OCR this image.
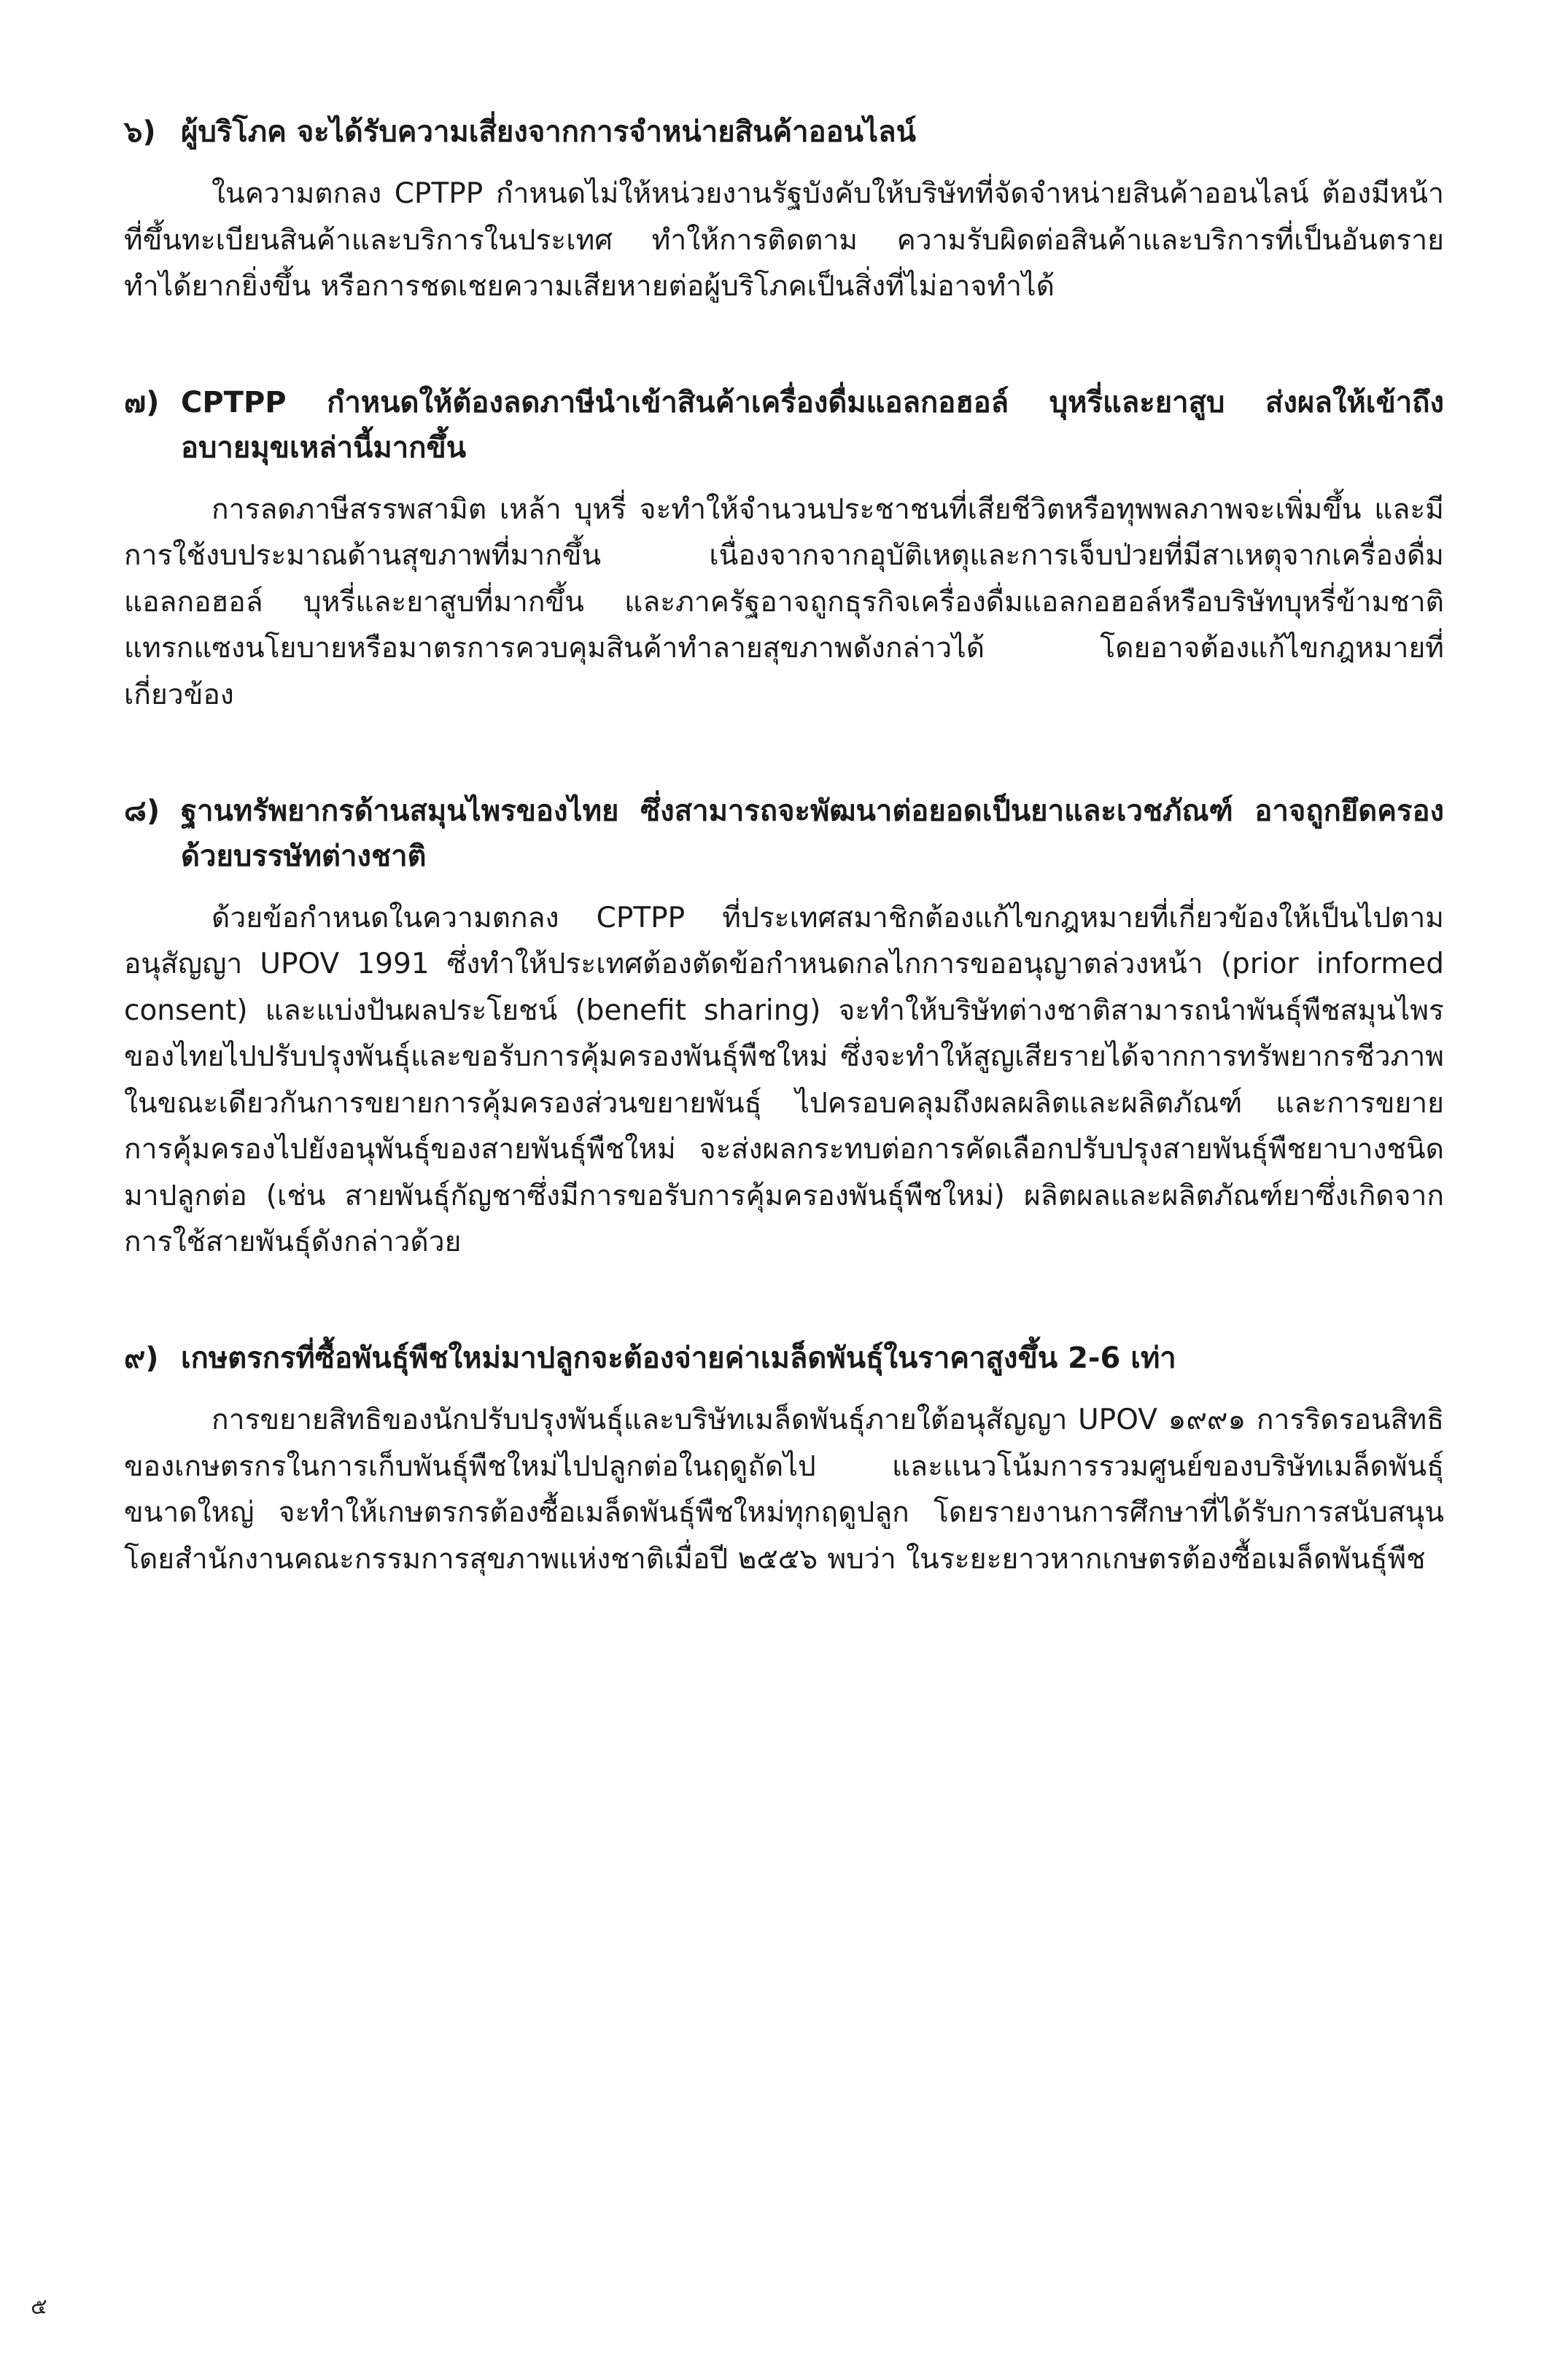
๖) ผู้บริโภค จะได้รับความเสี่ยงจากการจำหน่ายสินค้าออนไลน์

ในความตกลง CPTPP กำหนดไม่ให้หน่วยงานรัฐบังคับให้บริษัทที่จัดจำหน่ายสินค้าออนไลน์ ต้องมีหน้าที่ขึ้นทะเบียนสินค้าและบริการในประเทศ ทำให้การติดตาม ความรับผิดต่อสินค้าและบริการที่เป็นอันตรายทำได้ยากยิ่งขึ้น หรือการชดเชยความเสียหายต่อผู้บริโภคเป็นสิ่งที่ไม่อาจทำได้

๗) CPTPP กำหนดให้ต้องลดภาษีนำเข้าสินค้าเครื่องดื่มแอลกอฮอล์ บุหรี่และยาสูบ ส่งผลให้เข้าถึงอบายมุขเหล่านี้มากขึ้น

การลดภาษีสรรพสามิต เหล้า บุหรี่ จะทำให้จำนวนประชาชนที่เสียชีวิตหรือทุพพลภาพจะเพิ่มขึ้น และมีการใช้งบประมาณด้านสุขภาพที่มากขึ้น เนื่องจากจากอุบัติเหตุและการเจ็บป่วยที่มีสาเหตุจากเครื่องดื่มแอลกอฮอล์ บุหรี่และยาสูบที่มากขึ้น และภาครัฐอาจถูกธุรกิจเครื่องดื่มแอลกอฮอล์หรือบริษัทบุหรี่ข้ามชาติแทรกแซงนโยบายหรือมาตรการควบคุมสินค้าทำลายสุขภาพดังกล่าวได้ โดยอาจต้องแก้ไขกฎหมายที่เกี่ยวข้อง

๘) ฐานทรัพยากรด้านสมุนไพรของไทย ซึ่งสามารถจะพัฒนาต่อยอดเป็นยาและเวชภัณฑ์ อาจถูกยึดครองด้วยบรรษัทต่างชาติ

ด้วยข้อกำหนดในความตกลง CPTPP ที่ประเทศสมาชิกต้องแก้ไขกฎหมายที่เกี่ยวข้องให้เป็นไปตามอนุสัญญา UPOV 1991 ซึ่งทำให้ประเทศต้องตัดข้อกำหนดกลไกการขออนุญาตล่วงหน้า (prior informed consent) และแบ่งปันผลประโยชน์ (benefit sharing) จะทำให้บริษัทต่างชาติสามารถนำพันธุ์พืชสมุนไพรของไทยไปปรับปรุงพันธุ์และขอรับการคุ้มครองพันธุ์พืชใหม่ ซึ่งจะทำให้สูญเสียรายได้จากการทรัพยากรชีวภาพ ในขณะเดียวกันการขยายการคุ้มครองส่วนขยายพันธุ์ ไปครอบคลุมถึงผลผลิตและผลิตภัณฑ์ และการขยายการคุ้มครองไปยังอนุพันธุ์ของสายพันธุ์พืชใหม่ จะส่งผลกระทบต่อการคัดเลือกปรับปรุงสายพันธุ์พืชยาบางชนิดมาปลูกต่อ (เช่น สายพันธุ์กัญชาซึ่งมีการขอรับการคุ้มครองพันธุ์พืชใหม่) ผลิตผลและผลิตภัณฑ์ยาซึ่งเกิดจากการใช้สายพันธุ์ดังกล่าวด้วย

๙) เกษตรกรที่ซื้อพันธุ์พืชใหม่มาปลูกจะต้องจ่ายค่าเมล็ดพันธุ์ในราคาสูงขึ้น 2-6 เท่า

การขยายสิทธิของนักปรับปรุงพันธุ์และบริษัทเมล็ดพันธุ์ภายใต้อนุสัญญา UPOV ๑๙๙๑ การริดรอนสิทธิของเกษตรกรในการเก็บพันธุ์พืชใหม่ไปปลูกต่อในฤดูถัดไป และแนวโน้มการรวมศูนย์ของบริษัทเมล็ดพันธุ์ขนาดใหญ่ จะทำให้เกษตรกรต้องซื้อเมล็ดพันธุ์พืชใหม่ทุกฤดูปลูก โดยรายงานการศึกษาที่ได้รับการสนับสนุนโดยสำนักงานคณะกรรมการสุขภาพแห่งชาติเมื่อปี ๒๕๕๖ พบว่า ในระยะยาวหากเกษตรต้องซื้อเมล็ดพันธุ์พืช

๕
